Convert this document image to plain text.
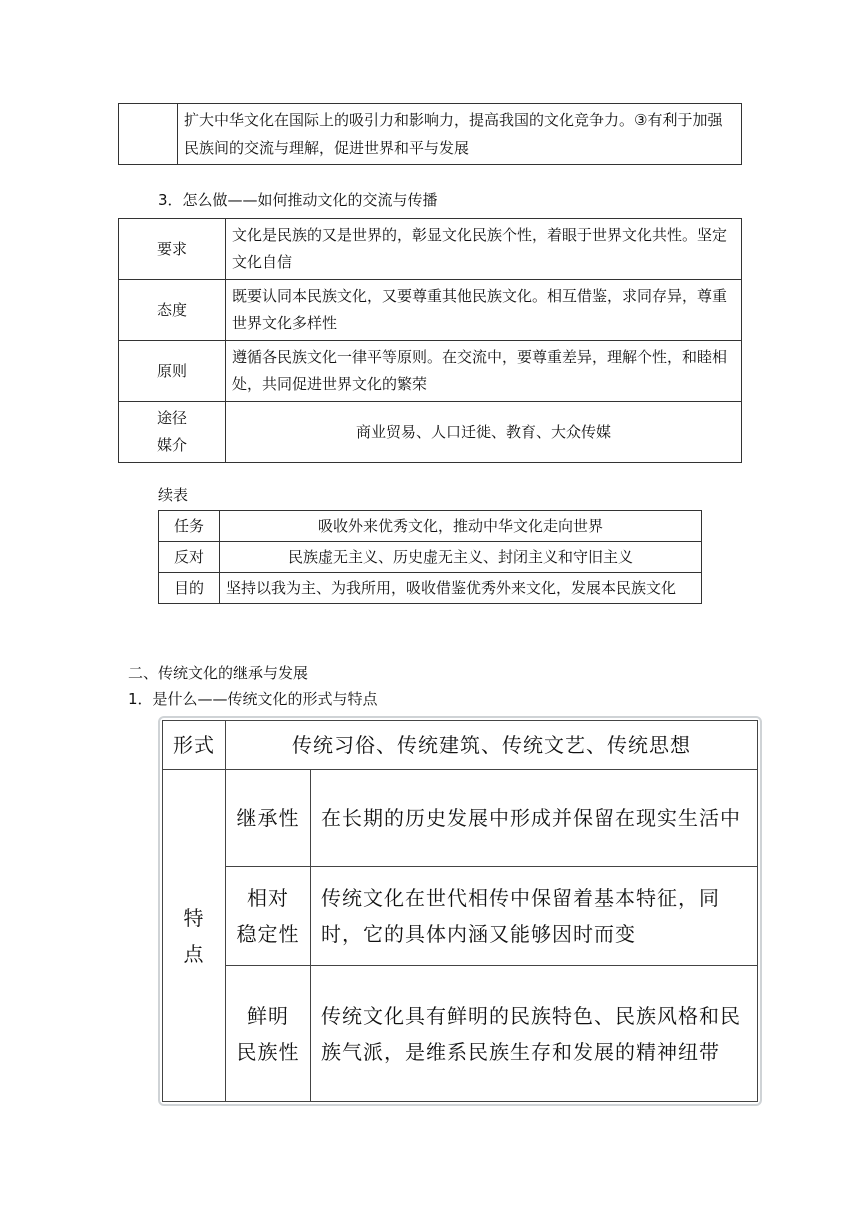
	扩大中华文化在国际上的吸引力和影响力，提高我国的文化竞争力。③有利于加强民族间的交流与理解，促进世界和平与发展
3．怎么做——如何推动文化的交流与传播
要求	文化是民族的又是世界的，彰显文化民族个性，着眼于世界文化共性。坚定文化自信
态度	既要认同本民族文化，又要尊重其他民族文化。相互借鉴，求同存异，尊重世界文化多样性
原则	遵循各民族文化一律平等原则。在交流中，要尊重差异，理解个性，和睦相处，共同促进世界文化的繁荣
途径
媒介	商业贸易、人口迁徙、教育、大众传媒
续表
任务	吸收外来优秀文化，推动中华文化走向世界
反对	民族虚无主义、历史虚无主义、封闭主义和守旧主义
目的	坚持以我为主、为我所用，吸收借鉴优秀外来文化，发展本民族文化
二、传统文化的继承与发展
1．是什么——传统文化的形式与特点
形式	传统习俗、传统建筑、传统文艺、传统思想	
特
点	继承性	在长期的历史发展中形成并保留在现实生活中
	相对
稳定性	传统文化在世代相传中保留着基本特征，同时，它的具体内涵又能够因时而变
	鲜明
民族性	传统文化具有鲜明的民族特色、民族风格和民族气派，是维系民族生存和发展的精神纽带
